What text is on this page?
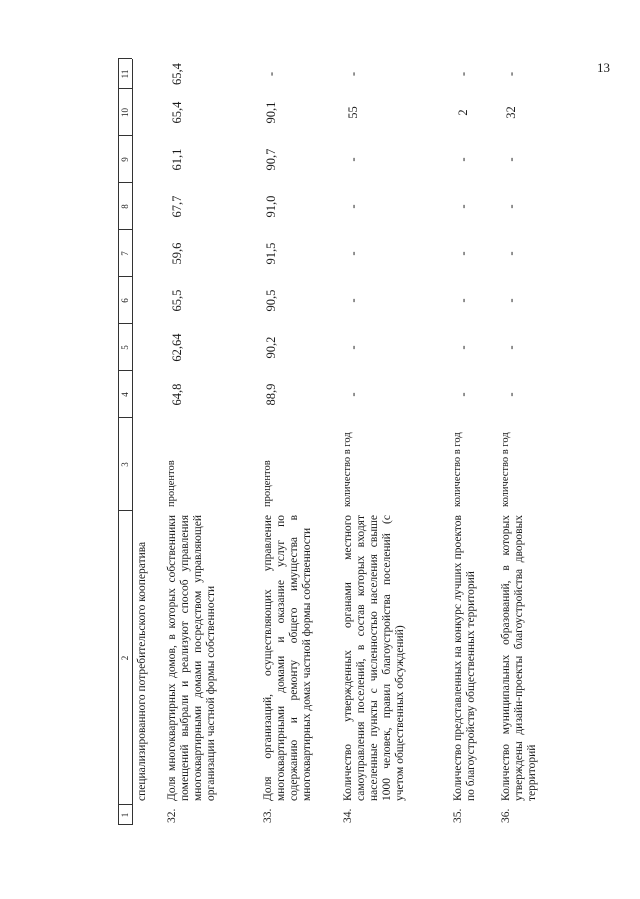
13
1
2
3
4
5
6
7
8
9
10
11
специализированного потребительского кооператива
32.
Доля многоквартирных домов, в которых собственники помещений выбрали и реализуют способ управления многоквартирными домами посредством управляющей организации частной формы собственности
процентов
64,8
62,64
65,5
59,6
67,7
61,1
65,4
65,4
33.
Доля организаций, осуществляющих управление многоквартирными домами и оказание услуг по содержанию и ремонту общего имущества в многоквартирных домах частной формы собственности
процентов
88,9
90,2
90,5
91,5
91,0
90,7
90,1
-
34.
Количество утвержденных органами местного самоуправления поселений, в состав которых входят населенные пункты с численностью населения свыше 1000 человек, правил благоустройства поселений (с учетом общественных обсуждений)
количество в год
-
-
-
-
-
-
55
-
35.
Количество представленных на конкурс лучших проектов по благоустройству общественных территорий
количество в год
-
-
-
-
-
-
2
-
36.
Количество муниципальных образований, в которых утверждены дизайн-проекты благоустройства дворовых территорий
количество в год
-
-
-
-
-
-
32
-
